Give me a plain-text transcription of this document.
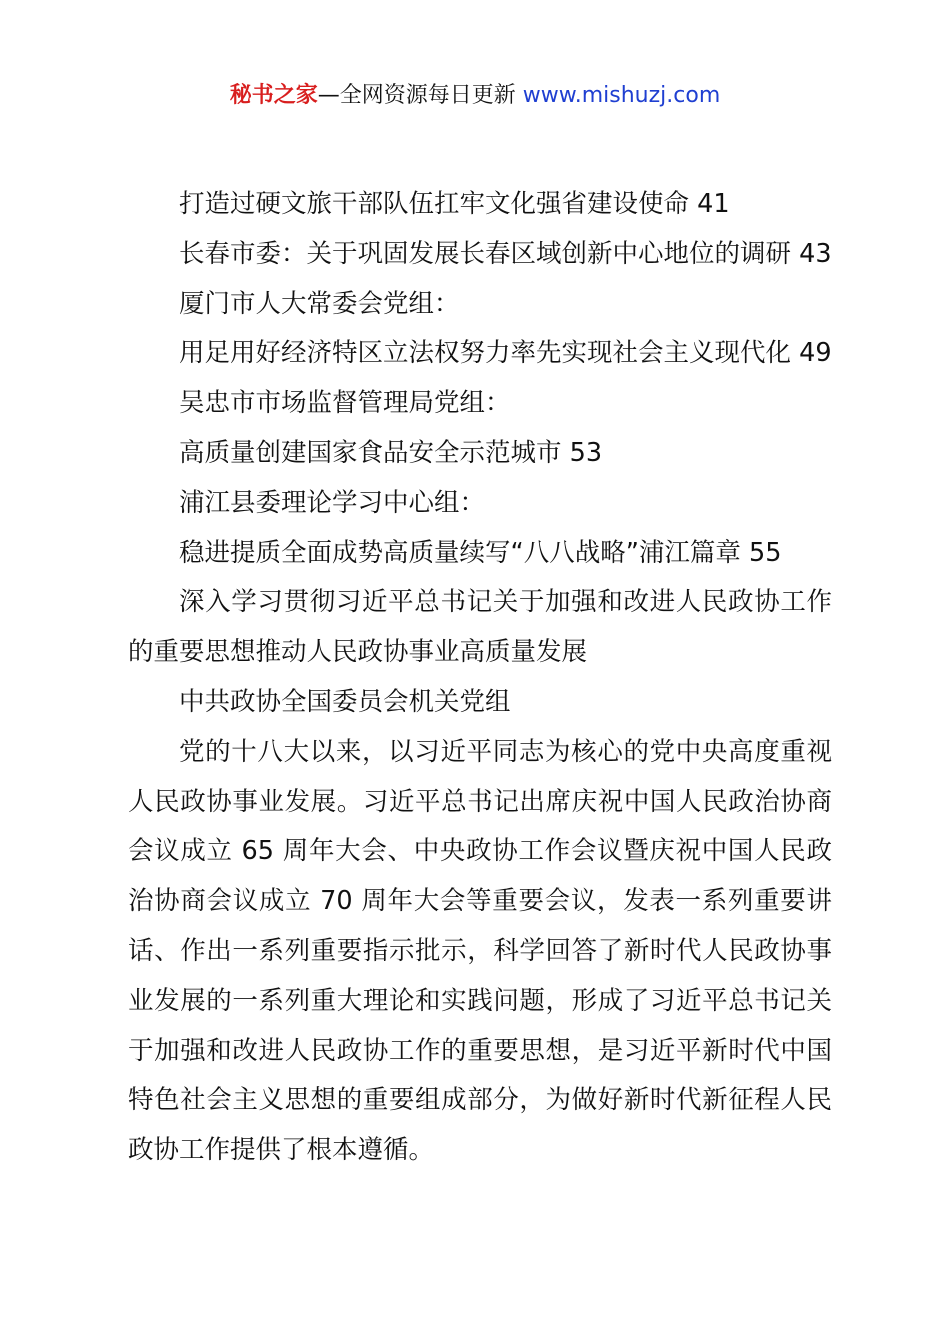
秘书之家—全网资源每日更新 www.mishuzj.com
打造过硬文旅干部队伍扛牢文化强省建设使命 41
长春市委：关于巩固发展长春区域创新中心地位的调研 43
厦门市人大常委会党组：
用足用好经济特区立法权努力率先实现社会主义现代化 49
吴忠市市场监督管理局党组：
高质量创建国家食品安全示范城市 53
浦江县委理论学习中心组：
稳进提质全面成势高质量续写“八八战略”浦江篇章 55
深入学习贯彻习近平总书记关于加强和改进人民政协工作
的重要思想推动人民政协事业高质量发展
中共政协全国委员会机关党组
党的十八大以来，以习近平同志为核心的党中央高度重视
人民政协事业发展。习近平总书记出席庆祝中国人民政治协商
会议成立 65 周年大会、中央政协工作会议暨庆祝中国人民政
治协商会议成立 70 周年大会等重要会议，发表一系列重要讲
话、作出一系列重要指示批示，科学回答了新时代人民政协事
业发展的一系列重大理论和实践问题，形成了习近平总书记关
于加强和改进人民政协工作的重要思想，是习近平新时代中国
特色社会主义思想的重要组成部分，为做好新时代新征程人民
政协工作提供了根本遵循。
